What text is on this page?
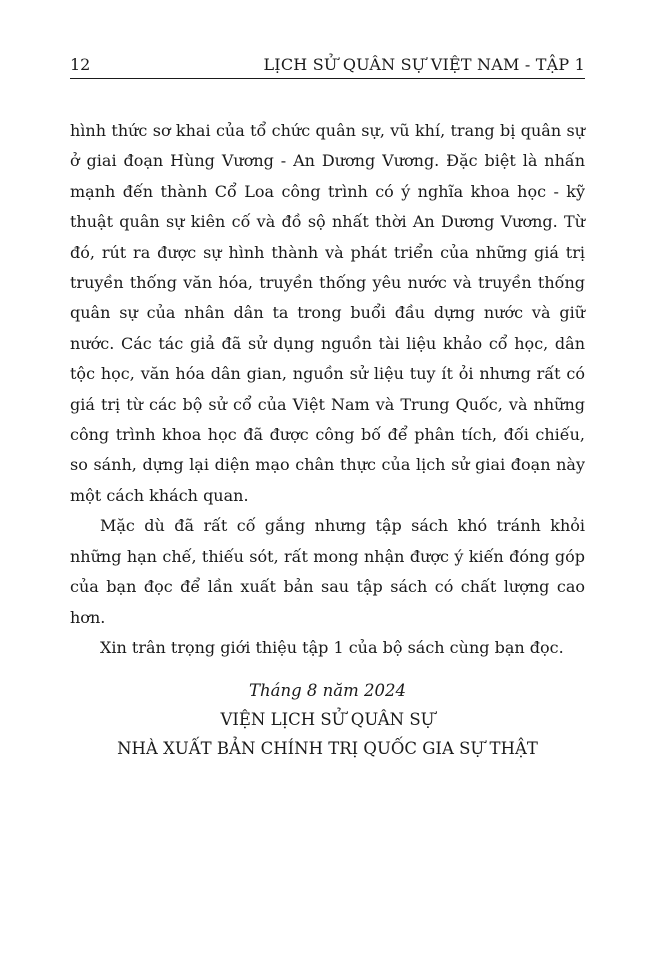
12	LỊCH SỬ QUÂN SỰ VIỆT NAM - TẬP 1

hình thức sơ khai của tổ chức quân sự, vũ khí, trang bị quân sự ở giai đoạn Hùng Vương - An Dương Vương. Đặc biệt là nhấn mạnh đến thành Cổ Loa công trình có ý nghĩa khoa học - kỹ thuật quân sự kiên cố và đồ sộ nhất thời An Dương Vương. Từ đó, rút ra được sự hình thành và phát triển của những giá trị truyền thống văn hóa, truyền thống yêu nước và truyền thống quân sự của nhân dân ta trong buổi đầu dựng nước và giữ nước. Các tác giả đã sử dụng nguồn tài liệu khảo cổ học, dân tộc học, văn hóa dân gian, nguồn sử liệu tuy ít ỏi nhưng rất có giá trị từ các bộ sử cổ của Việt Nam và Trung Quốc, và những công trình khoa học đã được công bố để phân tích, đối chiếu, so sánh, dựng lại diện mạo chân thực của lịch sử giai đoạn này một cách khách quan.

Mặc dù đã rất cố gắng nhưng tập sách khó tránh khỏi những hạn chế, thiếu sót, rất mong nhận được ý kiến đóng góp của bạn đọc để lần xuất bản sau tập sách có chất lượng cao hơn.

Xin trân trọng giới thiệu tập 1 của bộ sách cùng bạn đọc.

Tháng 8 năm 2024
VIỆN LỊCH SỬ QUÂN SỰ
NHÀ XUẤT BẢN CHÍNH TRỊ QUỐC GIA SỰ THẬT
